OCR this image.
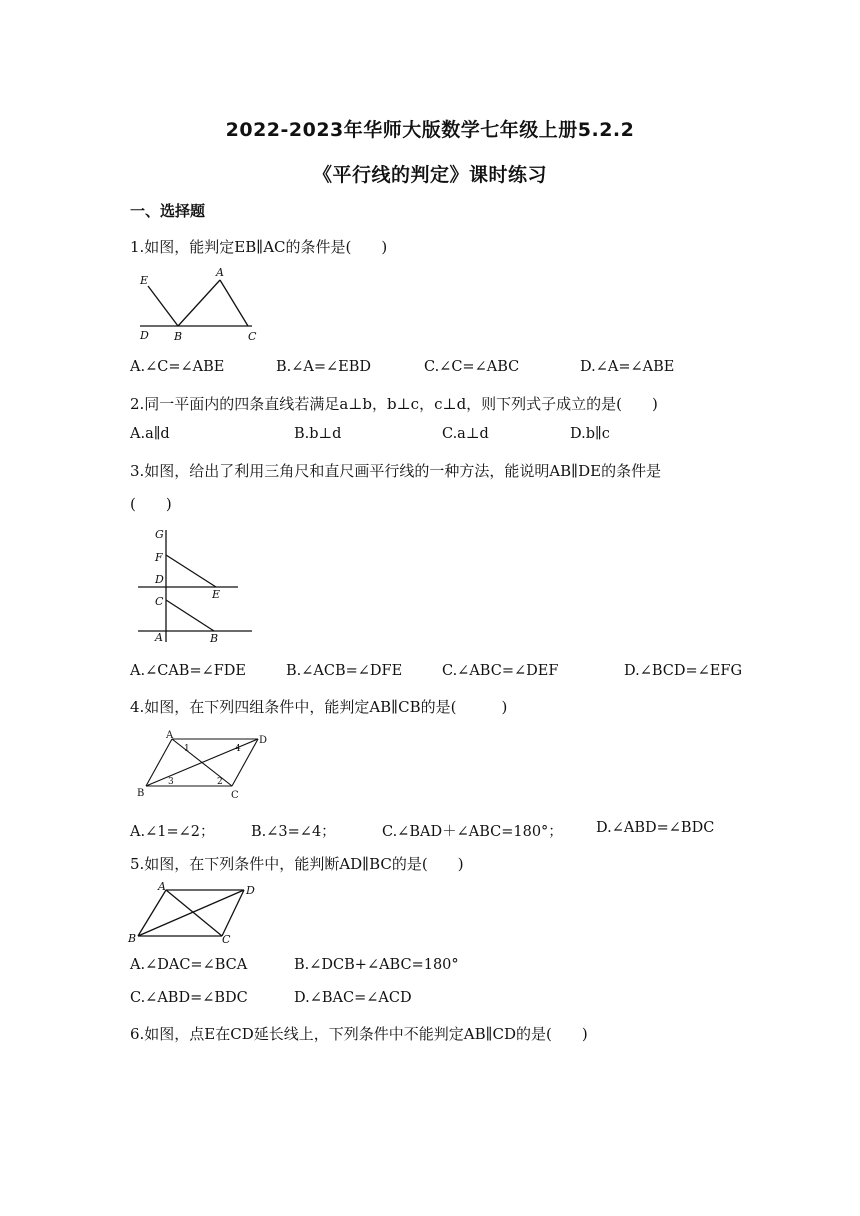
2022-2023年华师大版数学七年级上册5.2.2
《平行线的判定》课时练习
一、选择题
1.如图，能判定EB∥AC的条件是(　　)
E
A
D B	C
A.∠C=∠ABE	B.∠A=∠EBD	C.∠C=∠ABC	D.∠A=∠ABE
2.同一平面内的四条直线若满足a⊥b，b⊥c，c⊥d，则下列式子成立的是(　　)
A.a∥d	B.b⊥d	C.a⊥d	D.b∥c
3.如图，给出了利用三角尺和直尺画平行线的一种方法，能说明AB∥DE的条件是
(　　)
G
F
D
E
C
A	B
A.∠CAB=∠FDE	B.∠ACB=∠DFE	C.∠ABC=∠DEF	D.∠BCD=∠EFG
4.如图，在下列四组条件中，能判定AB∥CB的是(　　　)
A	D
B	C
1	4
3	2
A.∠1=∠2；	B.∠3=∠4；	C.∠BAD＋∠ABC=180°； D.∠ABD=∠BDC
5.如图，在下列条件中，能判断AD∥BC的是(　　)
A	D
B	C
A.∠DAC=∠BCA	B.∠DCB+∠ABC=180°
C.∠ABD=∠BDC	D.∠BAC=∠ACD
6.如图，点E在CD延长线上，下列条件中不能判定AB∥CD的是(　　)
